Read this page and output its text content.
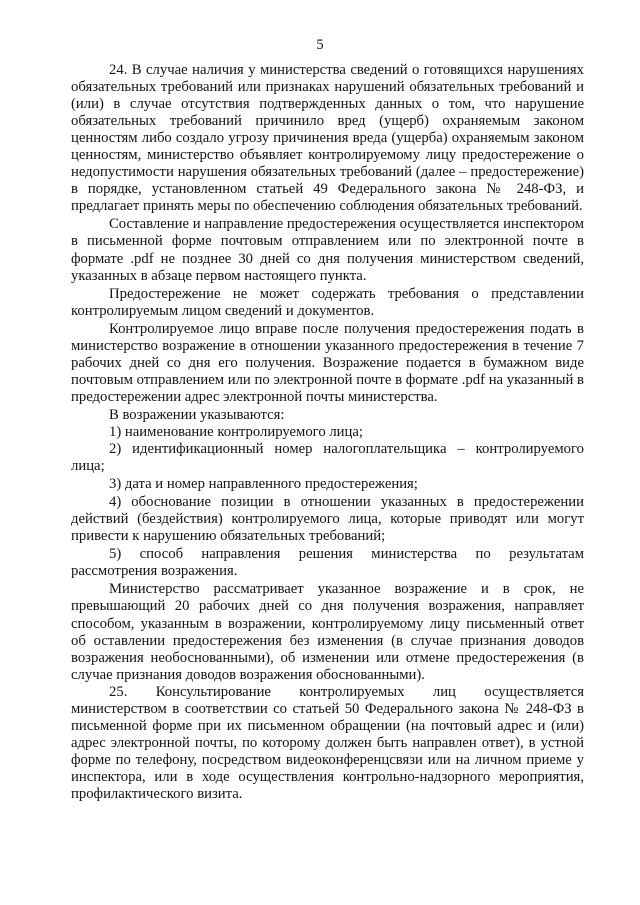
5

24. В случае наличия у министерства сведений о готовящихся нарушениях обязательных требований или признаках нарушений обязательных требований и (или) в случае отсутствия подтвержденных данных о том, что нарушение обязательных требований причинило вред (ущерб) охраняемым законом ценностям либо создало угрозу причинения вреда (ущерба) охраняемым законом ценностям, министерство объявляет контролируемому лицу предостережение о недопустимости нарушения обязательных требований (далее – предостережение) в порядке, установленном статьей 49 Федерального закона № 248-ФЗ, и предлагает принять меры по обеспечению соблюдения обязательных требований.

Составление и направление предостережения осуществляется инспектором в письменной форме почтовым отправлением или по электронной почте в формате .pdf не позднее 30 дней со дня получения министерством сведений, указанных в абзаце первом настоящего пункта.

Предостережение не может содержать требования о представлении контролируемым лицом сведений и документов.

Контролируемое лицо вправе после получения предостережения подать в министерство возражение в отношении указанного предостережения в течение 7 рабочих дней со дня его получения. Возражение подается в бумажном виде почтовым отправлением или по электронной почте в формате .pdf на указанный в предостережении адрес электронной почты министерства.

В возражении указываются:

1) наименование контролируемого лица;

2) идентификационный номер налогоплательщика – контролируемого лица;

3) дата и номер направленного предостережения;

4) обоснование позиции в отношении указанных в предостережении действий (бездействия) контролируемого лица, которые приводят или могут привести к нарушению обязательных требований;

5) способ направления решения министерства по результатам рассмотрения возражения.

Министерство рассматривает указанное возражение и в срок, не превышающий 20 рабочих дней со дня получения возражения, направляет способом, указанным в возражении, контролируемому лицу письменный ответ об оставлении предостережения без изменения (в случае признания доводов возражения необоснованными), об изменении или отмене предостережения (в случае признания доводов возражения обоснованными).

25. Консультирование контролируемых лиц осуществляется министерством в соответствии со статьей 50 Федерального закона № 248-ФЗ в письменной форме при их письменном обращении (на почтовый адрес и (или) адрес электронной почты, по которому должен быть направлен ответ), в устной форме по телефону, посредством видеоконференцсвязи или на личном приеме у инспектора, или в ходе осуществления контрольно-надзорного мероприятия, профилактического визита.
